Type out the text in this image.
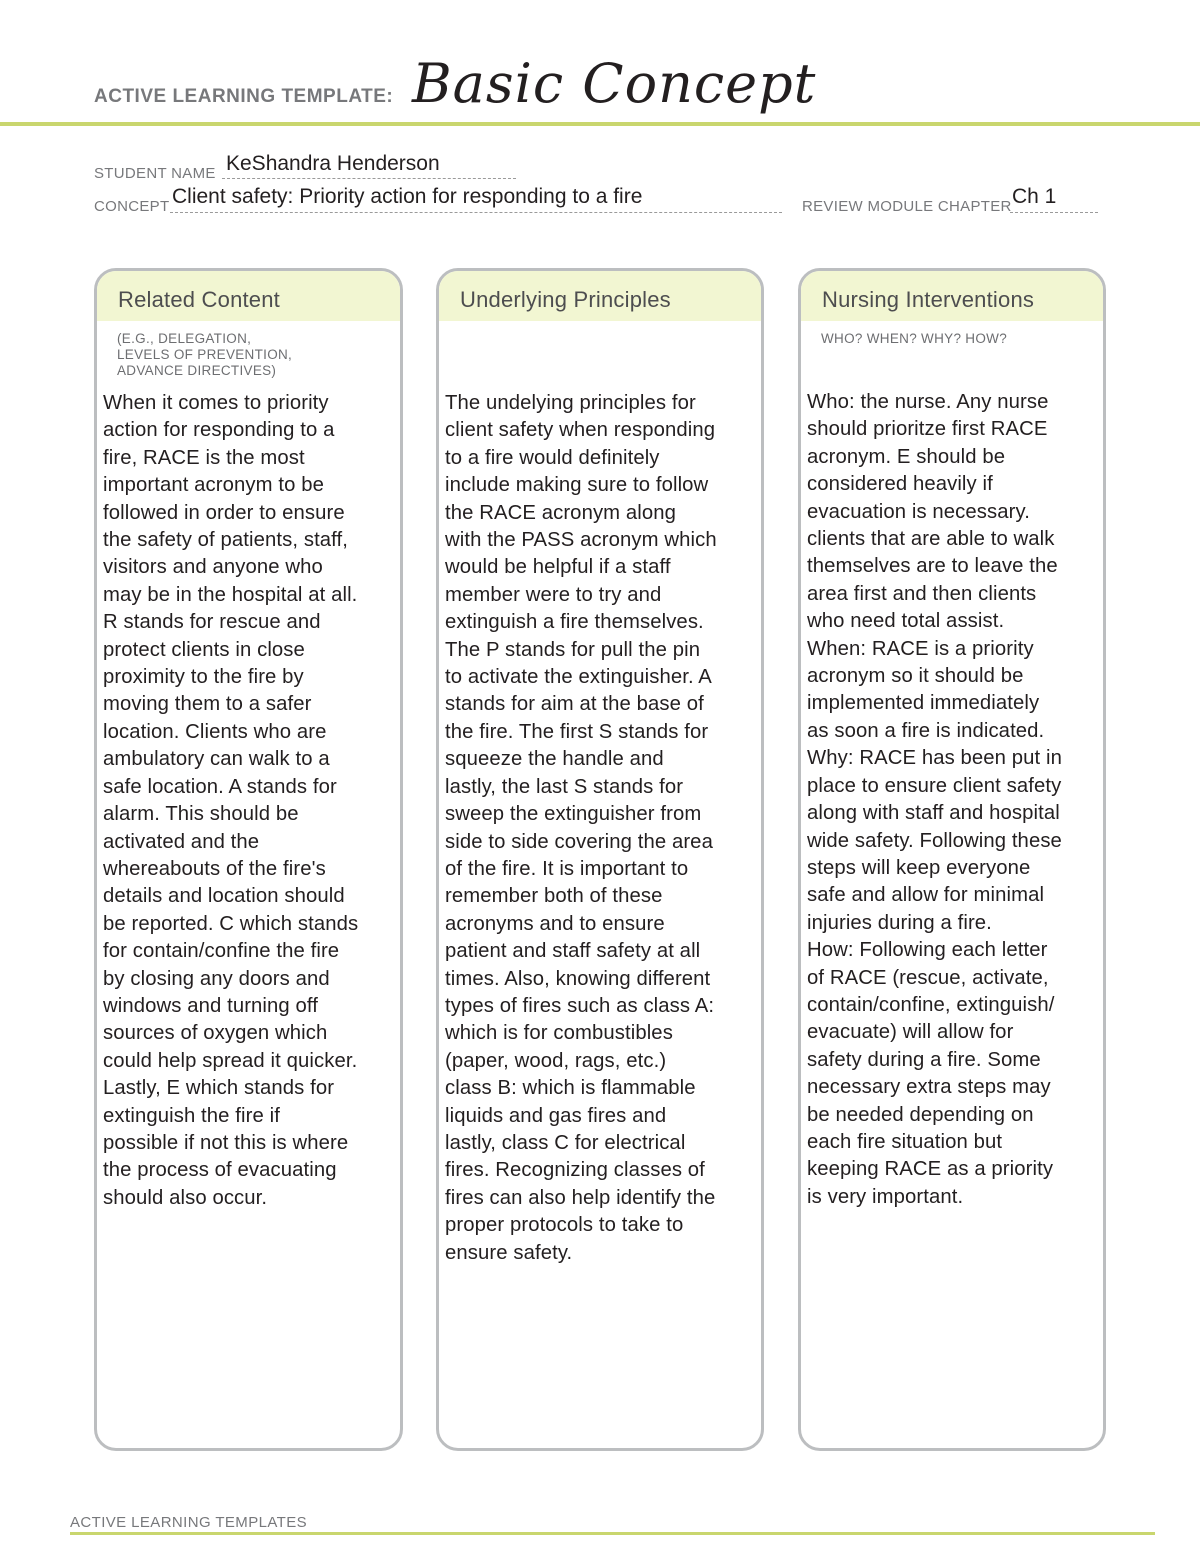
ACTIVE LEARNING TEMPLATE: Basic Concept
STUDENT NAME KeShandra Henderson
CONCEPT Client safety: Priority action for responding to a fire	REVIEW MODULE CHAPTER Ch 1
Related Content
(E.G., DELEGATION,
LEVELS OF PREVENTION,
ADVANCE DIRECTIVES)
When it comes to priority
action for responding to a
fire, RACE is the most
important acronym to be
followed in order to ensure
the safety of patients, staff,
visitors and anyone who
may be in the hospital at all.
R stands for rescue and
protect clients in close
proximity to the fire by
moving them to a safer
location. Clients who are
ambulatory can walk to a
safe location. A stands for
alarm. This should be
activated and the
whereabouts of the fire's
details and location should
be reported. C which stands
for contain/confine the fire
by closing any doors and
windows and turning off
sources of oxygen which
could help spread it quicker.
Lastly, E which stands for
extinguish the fire if
possible if not this is where
the process of evacuating
should also occur.
Underlying Principles
The undelying principles for
client safety when responding
to a fire would definitely
include making sure to follow
the RACE acronym along
with the PASS acronym which
would be helpful if a staff
member were to try and
extinguish a fire themselves.
The P stands for pull the pin
to activate the extinguisher. A
stands for aim at the base of
the fire. The first S stands for
squeeze the handle and
lastly, the last S stands for
sweep the extinguisher from
side to side covering the area
of the fire. It is important to
remember both of these
acronyms and to ensure
patient and staff safety at all
times. Also, knowing different
types of fires such as class A:
which is for combustibles
(paper, wood, rags, etc.)
class B: which is flammable
liquids and gas fires and
lastly, class C for electrical
fires. Recognizing classes of
fires can also help identify the
proper protocols to take to
ensure safety.
Nursing Interventions
WHO? WHEN? WHY? HOW?
Who: the nurse. Any nurse
should prioritze first RACE
acronym. E should be
considered heavily if
evacuation is necessary.
clients that are able to walk
themselves are to leave the
area first and then clients
who need total assist.
When: RACE is a priority
acronym so it should be
implemented immediately
as soon a fire is indicated.
Why: RACE has been put in
place to ensure client safety
along with staff and hospital
wide safety. Following these
steps will keep everyone
safe and allow for minimal
injuries during a fire.
How: Following each letter
of RACE (rescue, activate,
contain/confine, extinguish/
evacuate) will allow for
safety during a fire. Some
necessary extra steps may
be needed depending on
each fire situation but
keeping RACE as a priority
is very important.
ACTIVE LEARNING TEMPLATES
